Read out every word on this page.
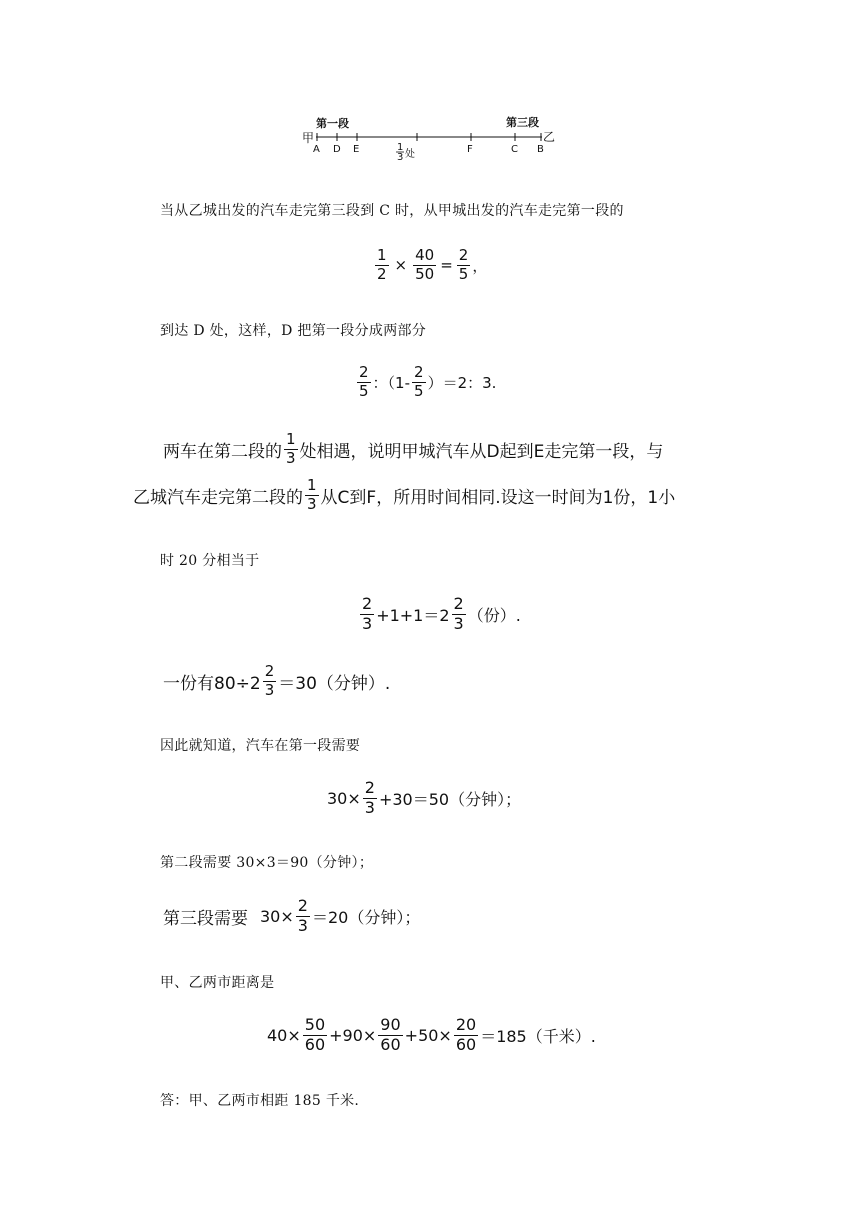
第一段	第三段
甲	乙
A D E	1
3 处	F	C B
当从乙城出发的汽车走完第三段到 C 时，从甲城出发的汽车走完第一段的
$\frac{1}{2} \times \frac{40}{50} = \frac{2}{5}$ ，
到达 D 处，这样，D 把第一段分成两部分
$\frac{2}{5}$ ：$(1- \frac{2}{5} )=2$：3.
两车在第二段的 $\frac{1}{3}$ 处相遇，说明甲城汽车从D起到E走完第一段，与
乙城汽车走完第二段的 $\frac{1}{3}$ 从C到F，所用时间相同.设这一时间为1份，1小
时 20 分相当于
$\frac{2}{3} +1+1=2 \frac{2}{3}$ （份）.
一份有$80\div 2 \frac{2}{3} =30$（分钟）.
因此就知道，汽车在第一段需要
$30\times \frac{2}{3} +30=50$（分钟）；
第二段需要 30×3＝90（分钟）；
第三段需要 $30\times \frac{2}{3} =20$（分钟）；
甲、乙两市距离是
$40\times \frac{50}{60} +90\times \frac{90}{60} +50\times \frac{20}{60} =185$（千米）.
答：甲、乙两市相距 185 千米.
